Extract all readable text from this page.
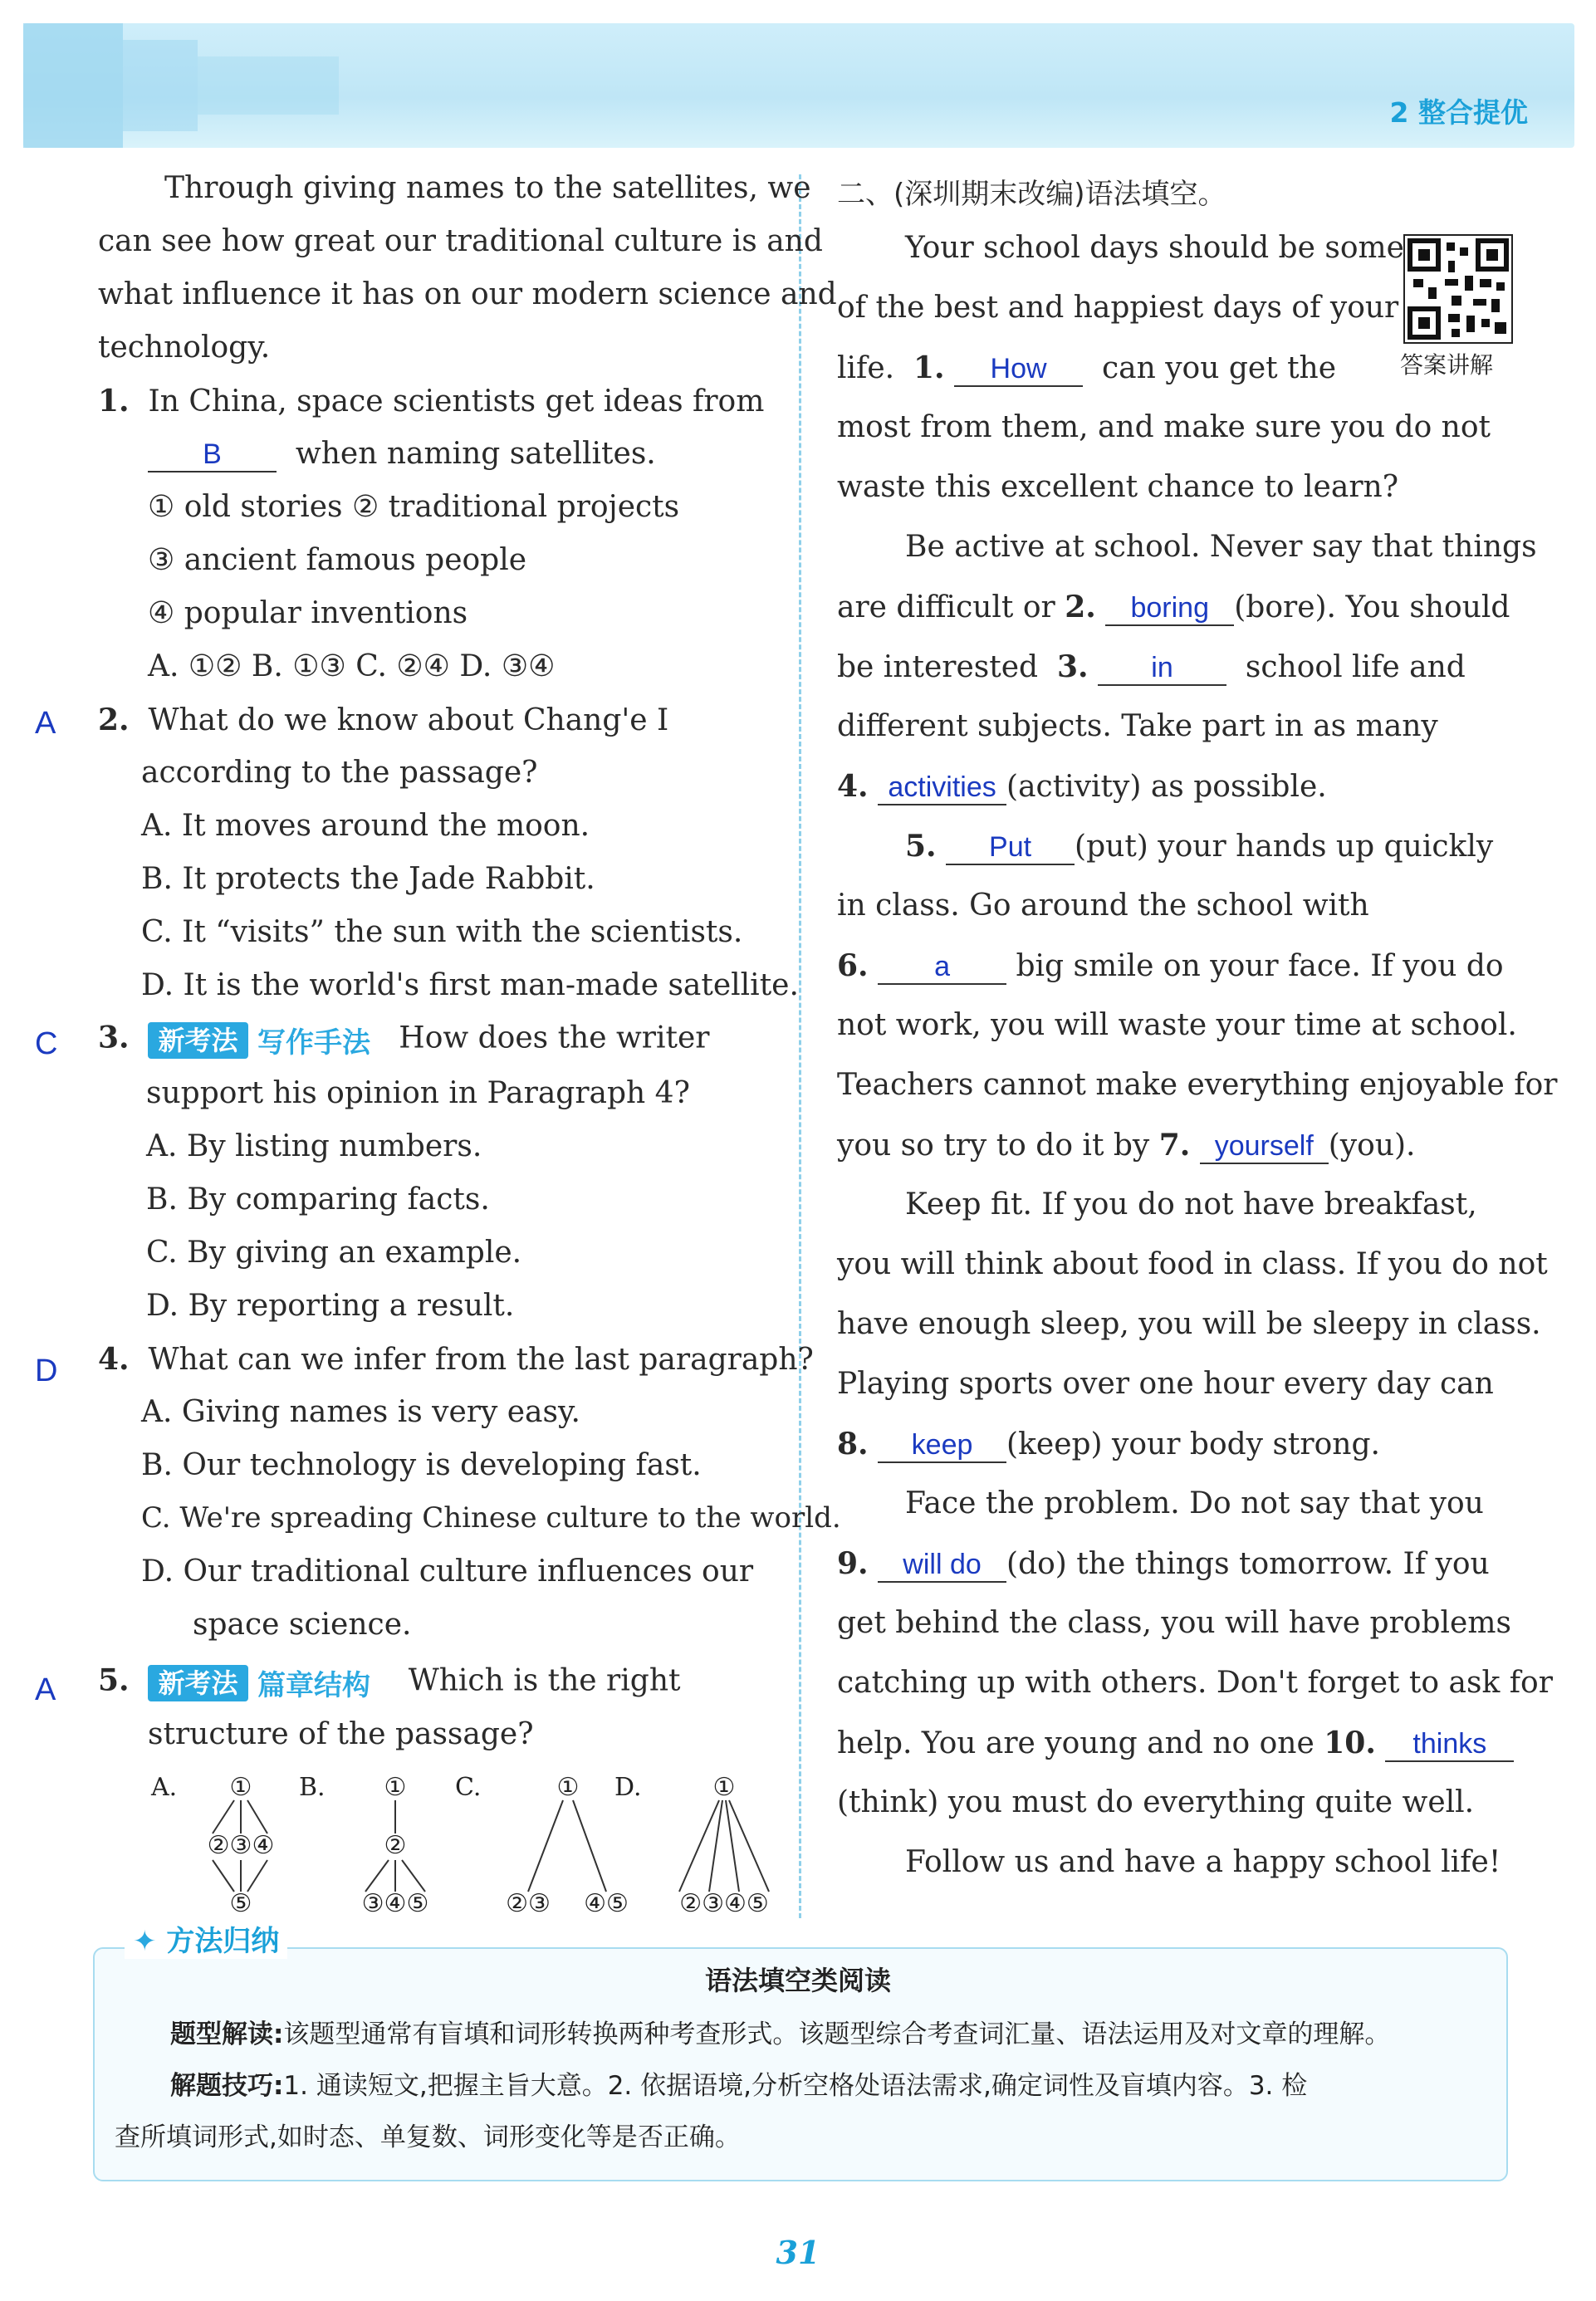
2 整合提优
Through giving names to the satellites, we
can see how great our traditional culture is and
what influence it has on our modern science and
technology.
1. In China, space scientists get ideas from
B when naming satellites.
① old stories ② traditional projects
③ ancient famous people
④ popular inventions
A. ①② B. ①③ C. ②④ D. ③④
A 2. What do we know about Chang'e Ⅰ
according to the passage?
A. It moves around the moon.
B. It protects the Jade Rabbit.
C. It “visits” the sun with the scientists.
D. It is the world's first man-made satellite.
C 3. 新考法 写作手法 How does the writer
support his opinion in Paragraph 4?
A. By listing numbers.
B. By comparing facts.
C. By giving an example.
D. By reporting a result.
D 4. What can we infer from the last paragraph?
A. Giving names is very easy.
B. Our technology is developing fast.
C. We're spreading Chinese culture to the world.
D. Our traditional culture influences our
space science.
A 5. 新考法 篇章结构 Which is the right
structure of the passage?
A. ①
②③④
⑤
B. ①
②
③④⑤
C.	①
②③ ④⑤
D.	①
②③④⑤
二、(深圳期末改编)语法填空。
答案讲解
Your school days should be some
of the best and happiest days of your
life. 1. How can you get the
most from them, and make sure you do not
waste this excellent chance to learn?
Be active at school. Never say that things
are difficult or 2. boring (bore). You should
be interested 3. in school life and
different subjects. Take part in as many
4. activities (activity) as possible.
5. Put (put) your hands up quickly
in class. Go around the school with
6. a big smile on your face. If you do
not work, you will waste your time at school.
Teachers cannot make everything enjoyable for
you so try to do it by 7. yourself (you).
Keep fit. If you do not have breakfast,
you will think about food in class. If you do not
have enough sleep, you will be sleepy in class.
Playing sports over one hour every day can
8. keep (keep) your body strong.
Face the problem. Do not say that you
9. will do (do) the things tomorrow. If you
get behind the class, you will have problems
catching up with others. Don't forget to ask for
help. You are young and no one 10. thinks
(think) you must do everything quite well.
Follow us and have a happy school life!
✦ 方法归纳
语法填空类阅读
题型解读:该题型通常有盲填和词形转换两种考查形式。该题型综合考查词汇量、语法运用及对文章的理解。
解题技巧:1. 通读短文,把握主旨大意。2. 依据语境,分析空格处语法需求,确定词性及盲填内容。3. 检
查所填词形式,如时态、单复数、词形变化等是否正确。
31
